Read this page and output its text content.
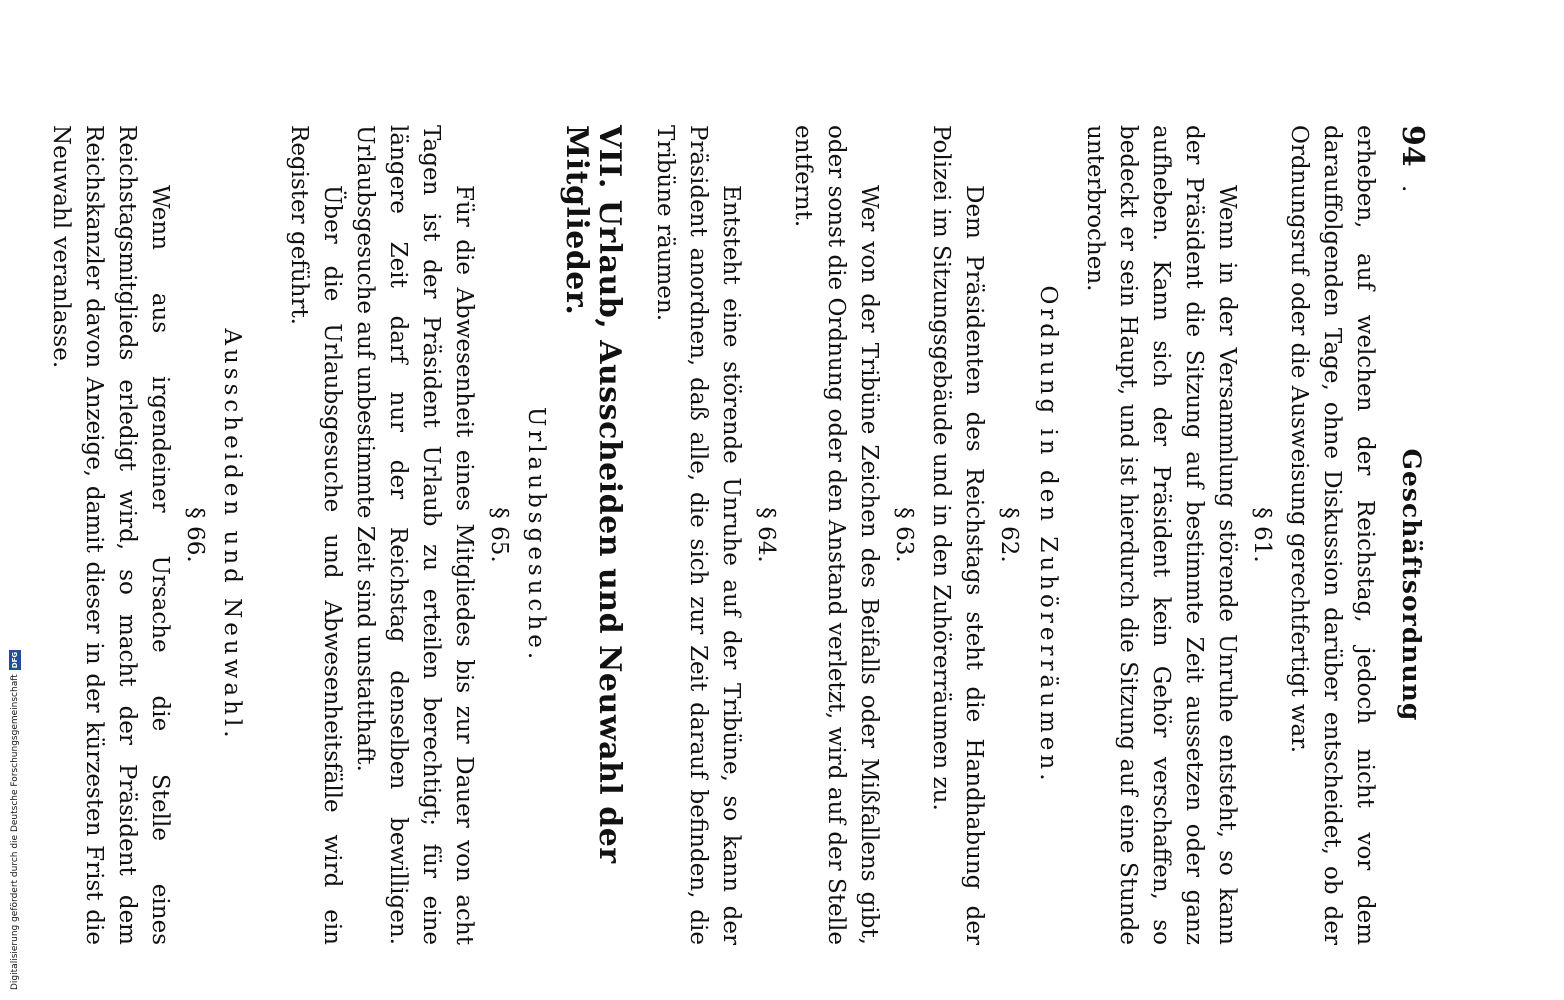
94
.
Geschäftsordnung

erheben, auf welchen der Reichstag, jedoch nicht vor dem darauffolgenden Tage, ohne Diskussion darüber entscheidet, ob der Ordnungsruf oder die Ausweisung gerechtfertigt war.

§ 61.

Wenn in der Versammlung störende Unruhe entsteht, so kann der Präsident die Sitzung auf bestimmte Zeit aussetzen oder ganz aufheben. Kann sich der Präsident kein Gehör verschaffen, so bedeckt er sein Haupt, und ist hierdurch die Sitzung auf eine Stunde unterbrochen.

Ordnung in den Zuhörerräumen.
§ 62.

Dem Präsidenten des Reichstags steht die Handhabung der Polizei im Sitzungsgebäude und in den Zuhörerräumen zu.

§ 63.

Wer von der Tribüne Zeichen des Beifalls oder Mißfallens gibt, oder sonst die Ordnung oder den Anstand verletzt, wird auf der Stelle entfernt.

§ 64.

Entsteht eine störende Unruhe auf der Tribüne, so kann der Präsident anordnen, daß alle, die sich zur Zeit darauf befinden, die Tribüne räumen.

VII. Urlaub, Ausscheiden und Neuwahl der Mitglieder.
Urlaubsgesuche.
§ 65.

Für die Abwesenheit eines Mitgliedes bis zur Dauer von acht Tagen ist der Präsident Urlaub zu erteilen berechtigt; für eine längere Zeit darf nur der Reichstag denselben bewilligen. Urlaubsgesuche auf unbestimmte Zeit sind unstatthaft.

Über die Urlaubsgesuche und Abwesenheitsfälle wird ein Register geführt.

Ausscheiden und Neuwahl.
§ 66.

Wenn aus irgendeiner Ursache die Stelle eines Reichstagsmitglieds erledigt wird, so macht der Präsident dem Reichskanzler davon Anzeige, damit dieser in der kürzesten Frist die Neuwahl veranlasse.

Digitalisierung gefördert durch die Deutsche Forschungsgemeinschaft
DFG
